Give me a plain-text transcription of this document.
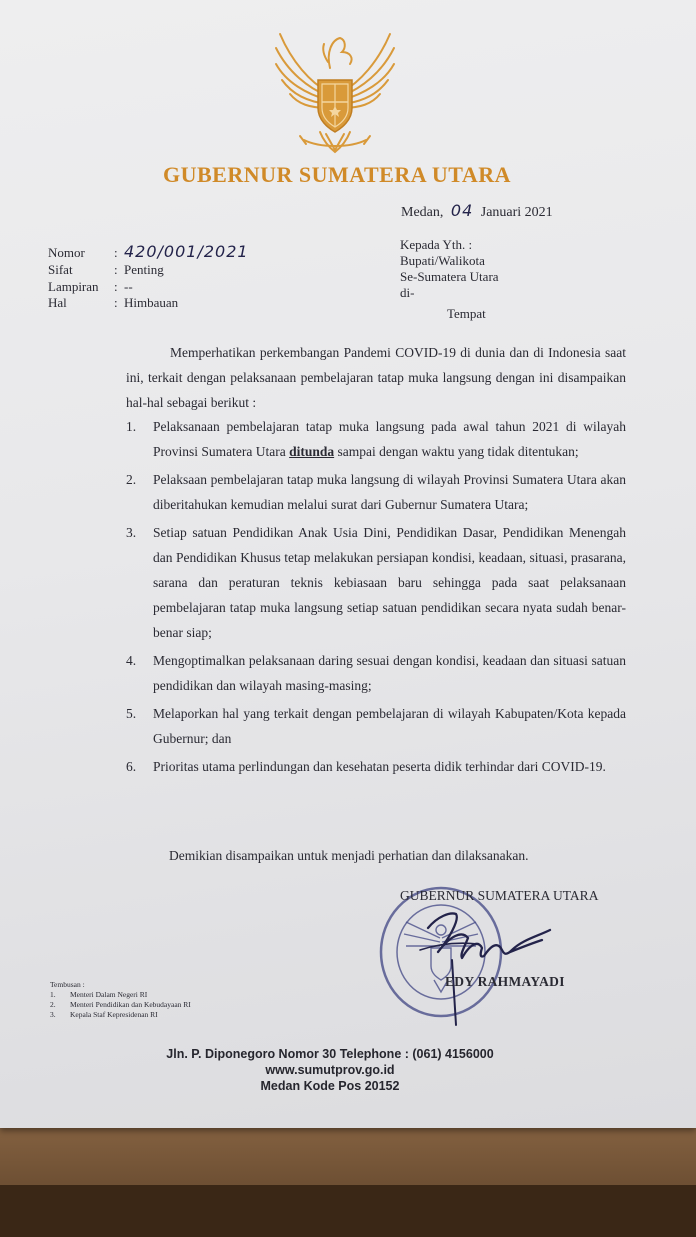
GUBERNUR SUMATERA UTARA
Medan, 04 Januari 2021
Nomor : 420/001/2021
Sifat	: Penting
Lampiran : --
Hal	: Himbauan
Kepada Yth. :
Bupati/Walikota
Se-Sumatera Utara
di-
Tempat
Memperhatikan perkembangan Pandemi COVID-19 di dunia dan di Indonesia saat ini, terkait dengan pelaksanaan pembelajaran tatap muka langsung dengan ini disampaikan hal-hal sebagai berikut :
1. Pelaksanaan pembelajaran tatap muka langsung pada awal tahun 2021 di wilayah Provinsi Sumatera Utara ditunda sampai dengan waktu yang tidak ditentukan;
2. Pelaksaan pembelajaran tatap muka langsung di wilayah Provinsi Sumatera Utara akan diberitahukan kemudian melalui surat dari Gubernur Sumatera Utara;
3. Setiap satuan Pendidikan Anak Usia Dini, Pendidikan Dasar, Pendidikan Menengah dan Pendidikan Khusus tetap melakukan persiapan kondisi, keadaan, situasi, prasarana, sarana dan peraturan teknis kebiasaan baru sehingga pada saat pelaksanaan pembelajaran tatap muka langsung setiap satuan pendidikan secara nyata sudah benar-benar siap;
4. Mengoptimalkan pelaksanaan daring sesuai dengan kondisi, keadaan dan situasi satuan pendidikan dan wilayah masing-masing;
5. Melaporkan hal yang terkait dengan pembelajaran di wilayah Kabupaten/Kota kepada Gubernur; dan
6. Prioritas utama perlindungan dan kesehatan peserta didik terhindar dari COVID-19.
Demikian disampaikan untuk menjadi perhatian dan dilaksanakan.
GUBERNUR SUMATERA UTARA
EDY RAHMAYADI
Tembusan :
1. Menteri Dalam Negeri RI
2. Menteri Pendidikan dan Kebudayaan RI
3. Kepala Staf Kepresidenan RI
Jln. P. Diponegoro Nomor 30 Telephone : (061) 4156000
www.sumutprov.go.id
Medan Kode Pos 20152
